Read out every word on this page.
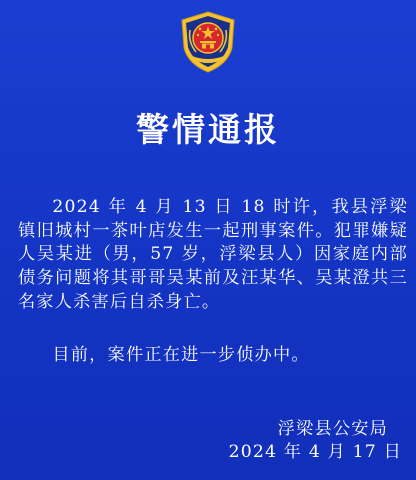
警情通报

2024 年 4 月 13 日 18 时许，我县浮梁镇旧城村一茶叶店发生一起刑事案件。犯罪嫌疑人吴某进（男，57 岁，浮梁县人）因家庭内部债务问题将其哥哥吴某前及汪某华、吴某澄共三名家人杀害后自杀身亡。

目前，案件正在进一步侦办中。

浮梁县公安局
2024 年 4 月 17 日
